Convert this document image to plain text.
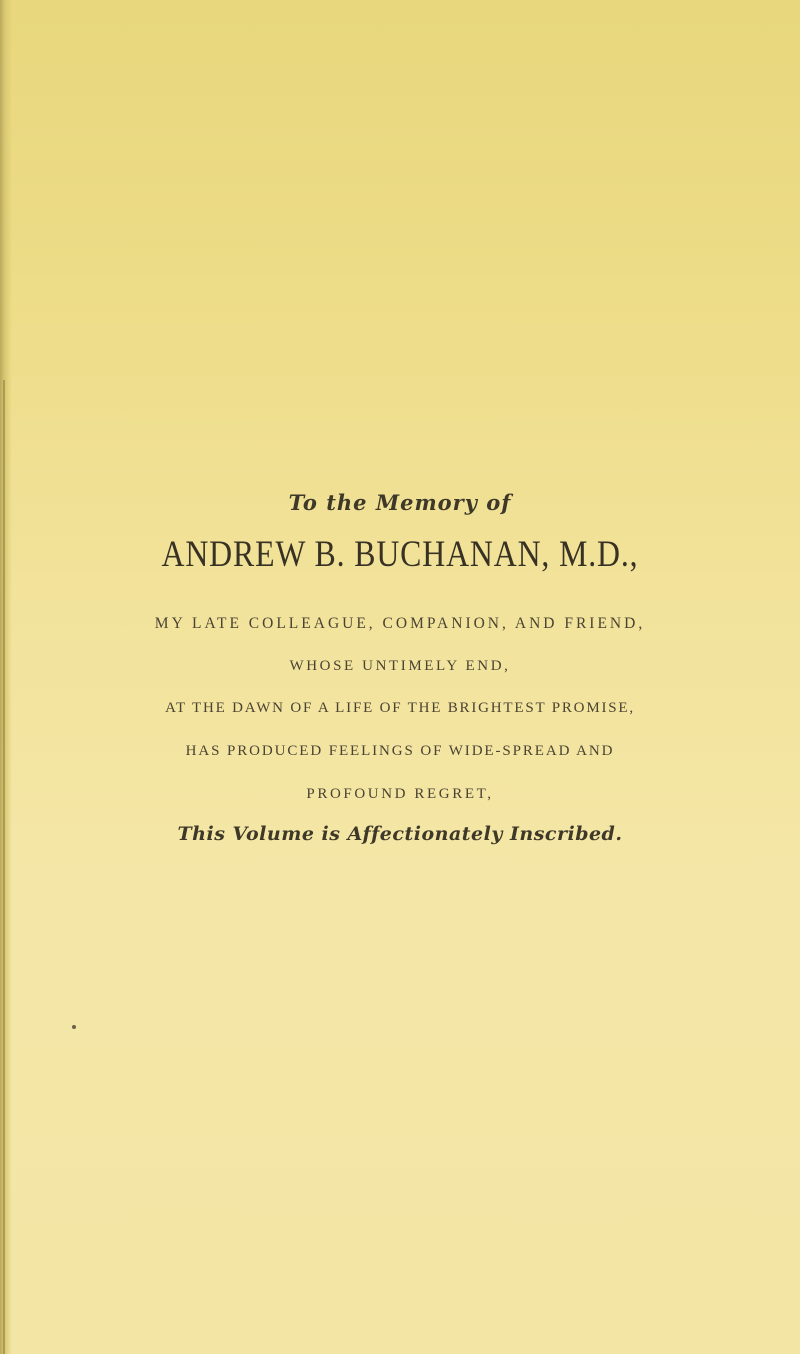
To the Memory of
ANDREW B. BUCHANAN, M.D.,
MY LATE COLLEAGUE, COMPANION, AND FRIEND,
WHOSE UNTIMELY END,
AT THE DAWN OF A LIFE OF THE BRIGHTEST PROMISE,
HAS PRODUCED FEELINGS OF WIDE-SPREAD AND
PROFOUND REGRET,
This Volume is Affectionately Inscribed.
